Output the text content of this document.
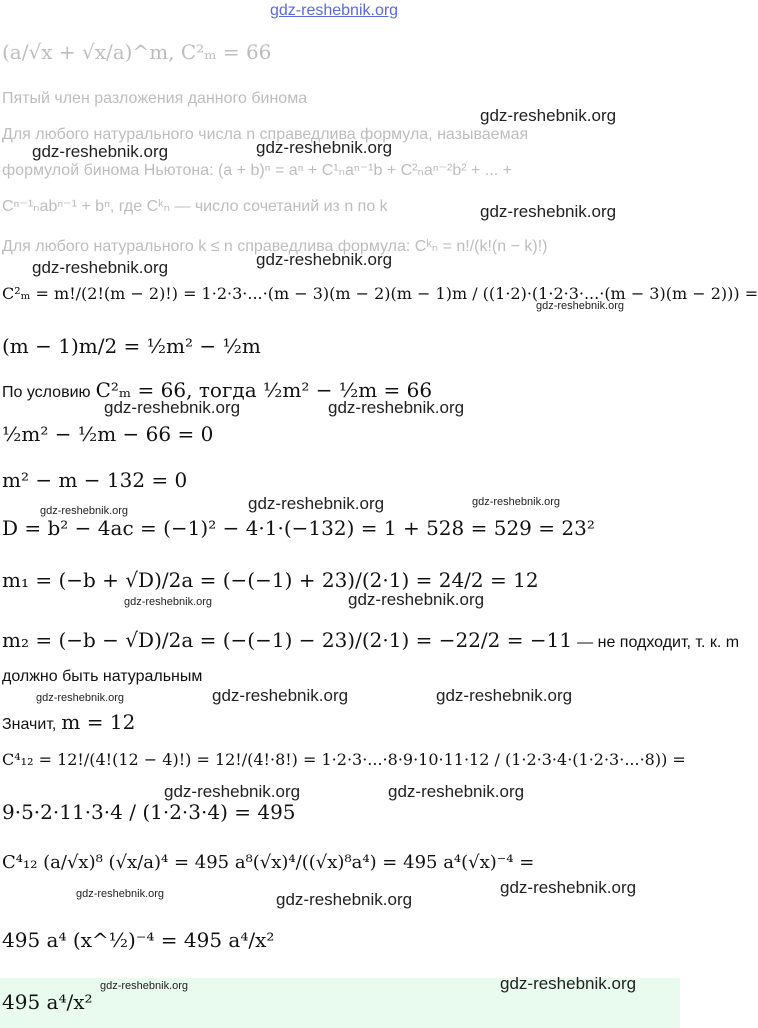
gdz-reshebnik.org
(a/√x + √x/a)^m, C²ₘ = 66
Пятый член разложения данного бинома
Для любого натурального числа n справедлива формула, называемая
формулой бинома Ньютона: (a + b)ⁿ = aⁿ + C¹ₙaⁿ⁻¹b + C²ₙaⁿ⁻²b² + ... +
Cⁿ⁻¹ₙabⁿ⁻¹ + bⁿ, где Cᵏₙ — число сочетаний из n по k
Для любого натурального k ≤ n справедлива формула: Cᵏₙ = n!/(k!(n − k)!)
C²ₘ = m!/(2!(m − 2)!) = 1·2·3·...·(m − 3)(m − 2)(m − 1)m / ((1·2)·(1·2·3·...·(m − 3)(m − 2))) =
(m − 1)m/2 = ½m² − ½m
По условию C²ₘ = 66, тогда ½m² − ½m = 66
½m² − ½m − 66 = 0
m² − m − 132 = 0
D = b² − 4ac = (−1)² − 4·1·(−132) = 1 + 528 = 529 = 23²
m₁ = (−b + √D)/2a = (−(−1) + 23)/(2·1) = 24/2 = 12
m₂ = (−b − √D)/2a = (−(−1) − 23)/(2·1) = −22/2 = −11 — не подходит, т. к. m
должно быть натуральным
Значит, m = 12
C⁴₁₂ = 12!/(4!(12 − 4)!) = 12!/(4!·8!) = 1·2·3·...·8·9·10·11·12 / (1·2·3·4·(1·2·3·...·8)) =
9·5·2·11·3·4 / (1·2·3·4) = 495
C⁴₁₂ (a/√x)⁸ (√x/a)⁴ = 495 a⁸(√x)⁴/((√x)⁸a⁴) = 495 a⁴(√x)⁻⁴ =
495 a⁴ (x^½)⁻⁴ = 495 a⁴/x²
495 a⁴/x²
gdz-reshebnik.org
gdz-reshebnik.org	gdz-reshebnik.org
gdz-reshebnik.org
gdz-reshebnik.org	gdz-reshebnik.org
gdz-reshebnik.org
gdz-reshebnik.org	gdz-reshebnik.org
gdz-reshebnik.org	gdz-reshebnik.org	gdz-reshebnik.org
gdz-reshebnik.org	gdz-reshebnik.org
gdz-reshebnik.org	gdz-reshebnik.org	gdz-reshebnik.org
gdz-reshebnik.org	gdz-reshebnik.org
gdz-reshebnik.org	gdz-reshebnik.org
gdz-reshebnik.org
gdz-reshebnik.org	gdz-reshebnik.org
